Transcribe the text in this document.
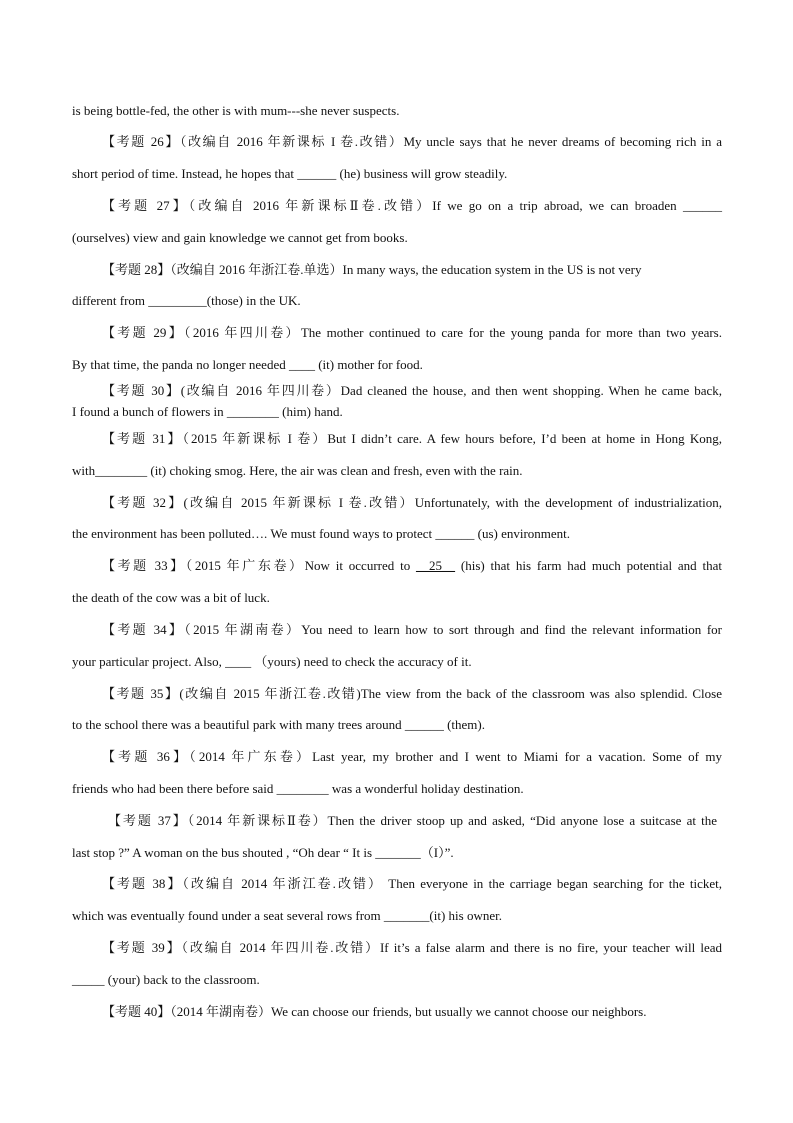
is being bottle-fed, the other is with mum---she never suspects.
【考题 26】（改编自 2016 年新课标 I 卷.改错）My uncle says that he never dreams of becoming rich in a
short period of time. Instead, he hopes that ______ (he) business will grow steadily.
【考题 27】（改编自 2016 年新课标Ⅱ卷.改错）If we go on a trip abroad, we can broaden ______
(ourselves) view and gain knowledge we cannot get from books.
【考题 28】（改编自 2016 年浙江卷.单选）In many ways, the education system in the US is not very
different from _________(those) in the UK.
【考题 29】（2016 年四川卷）The mother continued to care for the young panda for more than two years.
By that time, the panda no longer needed ____ (it) mother for food.
【考题 30】(改编自 2016 年四川卷）Dad cleaned the house, and then went shopping. When he came back,
I found a bunch of flowers in ________ (him) hand.
【考题 31】（2015 年新课标 I 卷）But I didn’t care. A few hours before, I’d been at home in Hong Kong,
with________ (it) choking smog. Here, the air was clean and fresh, even with the rain.
【考题 32】(改编自 2015 年新课标 I 卷.改错）Unfortunately, with the development of industrialization,
the environment has been polluted…. We must found ways to protect ______ (us) environment.
【考题 33】（2015 年广东卷）Now it occurred to __25__ (his) that his farm had much potential and that
the death of the cow was a bit of luck.
【考题 34】（2015 年湖南卷）You need to learn how to sort through and find the relevant information for
your particular project. Also, ____ （yours) need to check the accuracy of it.
【考题 35】(改编自 2015 年浙江卷.改错)The view from the back of the classroom was also splendid. Close
to the school there was a beautiful park with many trees around ______ (them).
【考题 36】（2014 年广东卷）Last year, my brother and I went to Miami for a vacation. Some of my
friends who had been there before said ________ was a wonderful holiday destination.
【考题 37】（2014 年新课标Ⅱ卷）Then the driver stoop up and asked, “Did anyone lose a suitcase at the
last stop ?” A woman on the bus shouted , “Oh dear “ It is _______（I）”.
【考题 38】（改编自 2014 年浙江卷.改错） Then everyone in the carriage began searching for the ticket,
which was eventually found under a seat several rows from _______(it) his owner.
【考题 39】（改编自 2014 年四川卷.改错）If it’s a false alarm and there is no fire, your teacher will lead
_____ (your) back to the classroom.
【考题 40】（2014 年湖南卷）We can choose our friends, but usually we cannot choose our neighbors.
